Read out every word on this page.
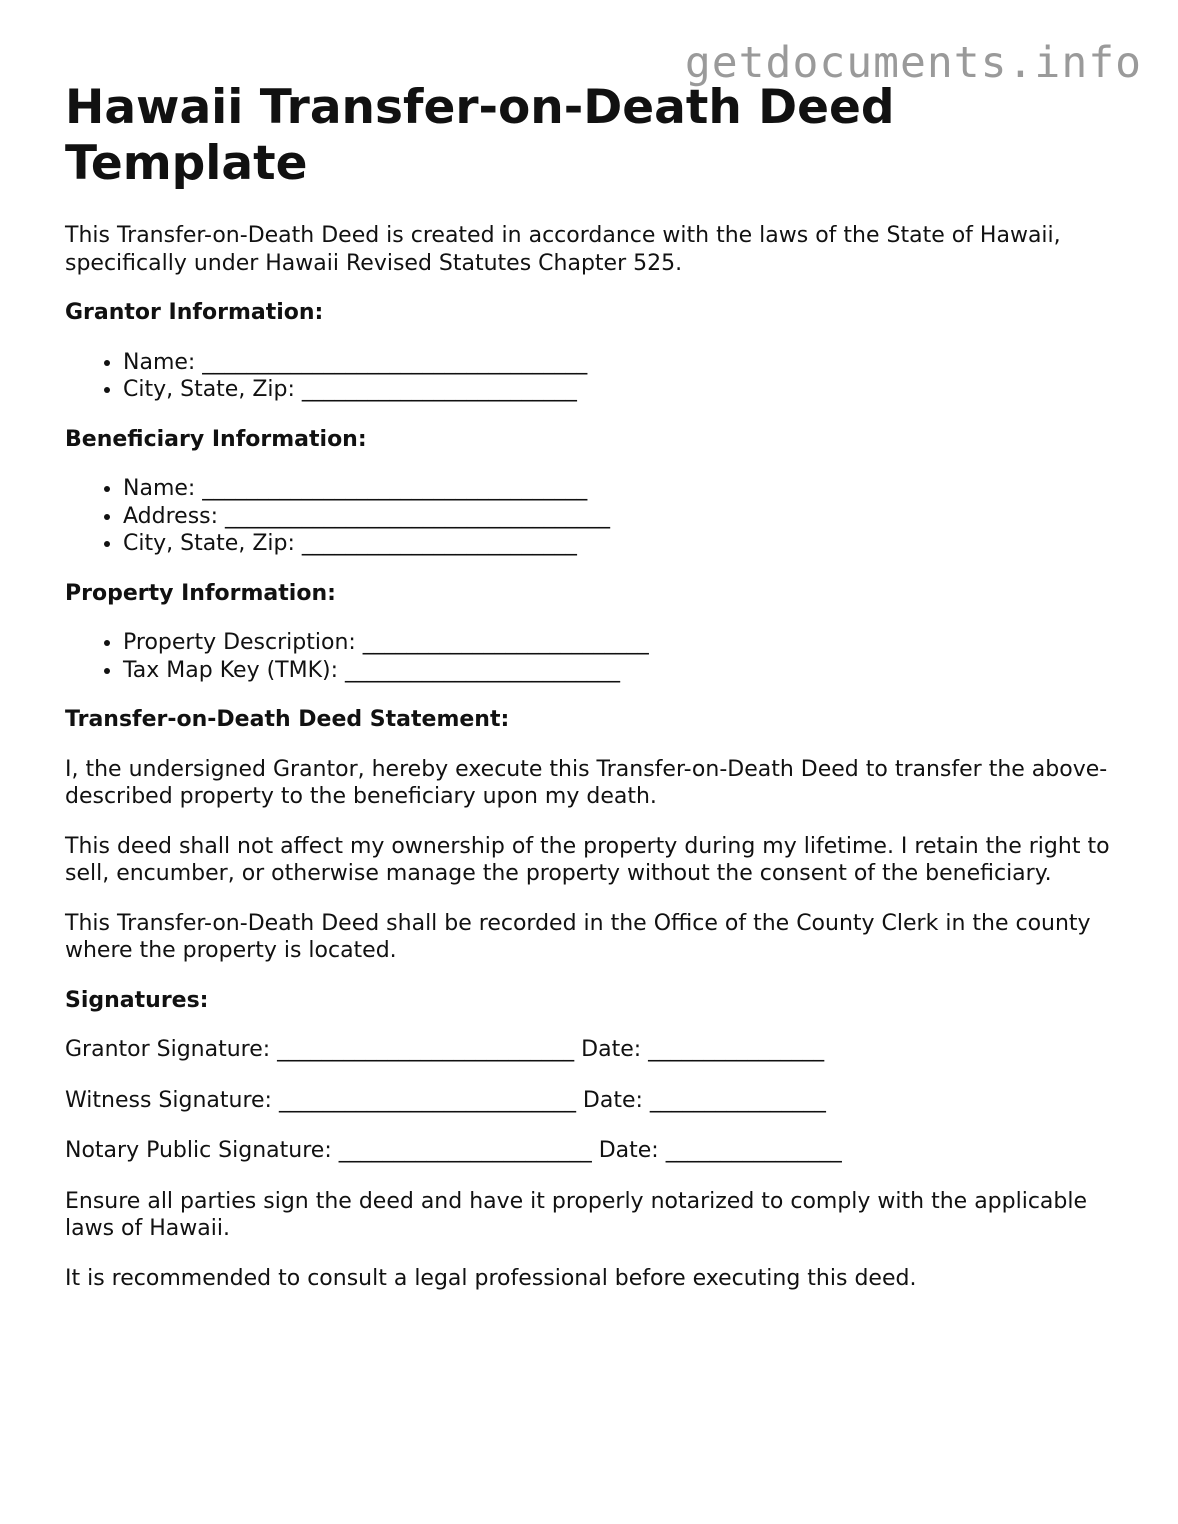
getdocuments.info
Hawaii Transfer-on-Death Deed Template

This Transfer-on-Death Deed is created in accordance with the laws of the State of Hawaii, specifically under Hawaii Revised Statutes Chapter 525.

Grantor Information:
• Name: ___________________________________
• City, State, Zip: _________________________
Beneficiary Information:
• Name: ___________________________________
• Address: ___________________________________
• City, State, Zip: _________________________
Property Information:
• Property Description: __________________________
• Tax Map Key (TMK): _________________________
Transfer-on-Death Deed Statement:

I, the undersigned Grantor, hereby execute this Transfer-on-Death Deed to transfer the above-described property to the beneficiary upon my death.

This deed shall not affect my ownership of the property during my lifetime. I retain the right to sell, encumber, or otherwise manage the property without the consent of the beneficiary.

This Transfer-on-Death Deed shall be recorded in the Office of the County Clerk in the county where the property is located.

Signatures:
Grantor Signature: ___________________________ Date: ________________
Witness Signature: ___________________________ Date: ________________
Notary Public Signature: _______________________ Date: ________________

Ensure all parties sign the deed and have it properly notarized to comply with the applicable laws of Hawaii.

It is recommended to consult a legal professional before executing this deed.
